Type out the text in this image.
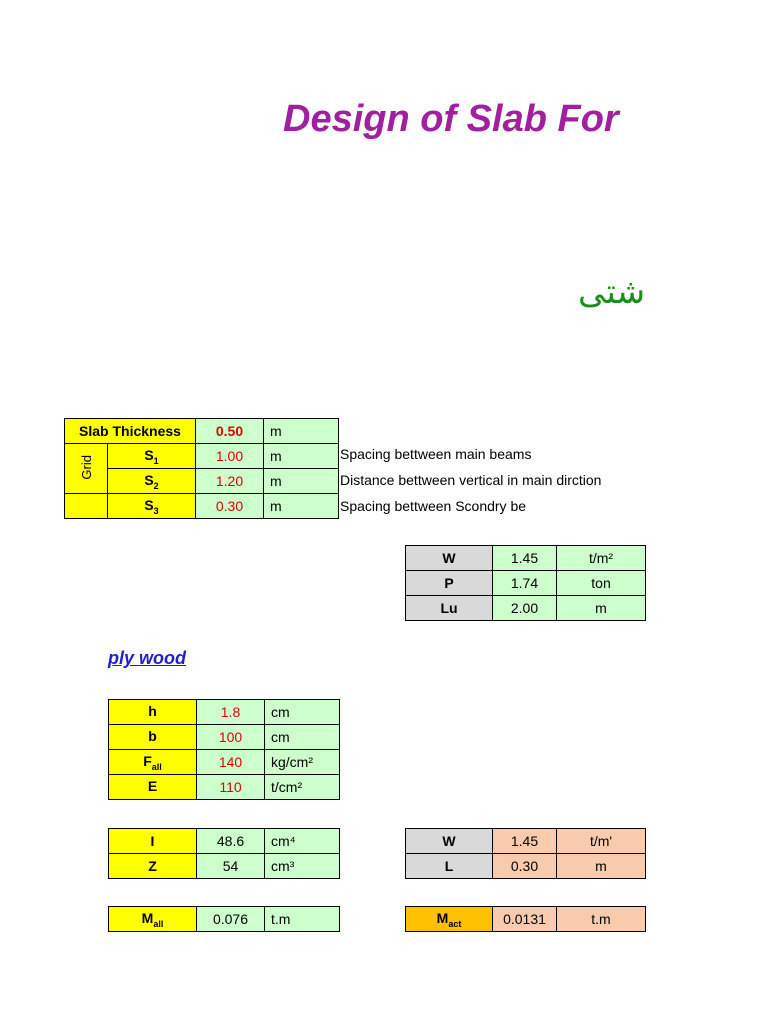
Design of Slab For
شتى
Slab Thickness		0.50	m
Grid	$S_1$	1.00	m
	$S_2$	1.20	m
	$S_3$	0.30	m
Spacing bettween main beams
Distance bettween vertical in main dirction
Spacing bettween Scondry be
W	1.45	t/m²
P	1.74	ton
Lu	2.00	m
ply wood
h	1.8	cm
b	100	cm
$F_{all}$	140	kg/cm²
E	110	t/cm²
I	48.6	cm⁴
Z	54	cm³
W	1.45	t/m'
L	0.30	m
$M_{all}$	0.076	t.m	$M_{act}$	0.0131	t.m
